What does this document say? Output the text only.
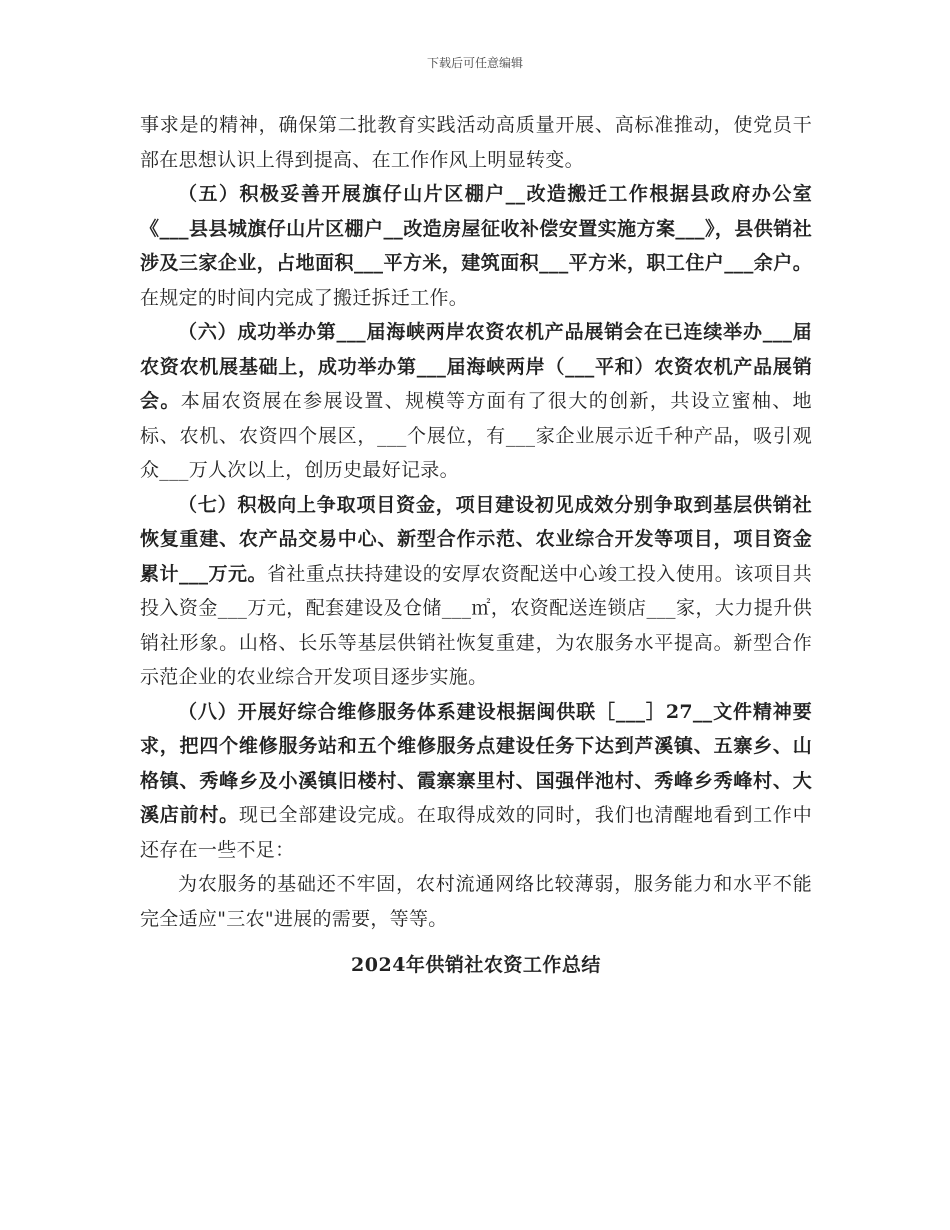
下载后可任意编辑

事求是的精神，确保第二批教育实践活动高质量开展、高标准推动，使党员干部在思想认识上得到提高、在工作作风上明显转变。

（五）积极妥善开展旗仔山片区棚户__改造搬迁工作根据县政府办公室《___县县城旗仔山片区棚户__改造房屋征收补偿安置实施方案___》，县供销社涉及三家企业，占地面积___平方米，建筑面积___平方米，职工住户___余户。在规定的时间内完成了搬迁拆迁工作。

（六）成功举办第___届海峡两岸农资农机产品展销会在已连续举办___届农资农机展基础上，成功举办第___届海峡两岸（___平和）农资农机产品展销会。本届农资展在参展设置、规模等方面有了很大的创新，共设立蜜柚、地标、农机、农资四个展区，___个展位，有___家企业展示近千种产品，吸引观众___万人次以上，创历史最好记录。

（七）积极向上争取项目资金，项目建设初见成效分别争取到基层供销社恢复重建、农产品交易中心、新型合作示范、农业综合开发等项目，项目资金累计___万元。省社重点扶持建设的安厚农资配送中心竣工投入使用。该项目共投入资金___万元，配套建设及仓储___㎡，农资配送连锁店___家，大力提升供销社形象。山格、长乐等基层供销社恢复重建，为农服务水平提高。新型合作示范企业的农业综合开发项目逐步实施。

（八）开展好综合维修服务体系建设根据闽供联［___］27__文件精神要求，把四个维修服务站和五个维修服务点建设任务下达到芦溪镇、五寨乡、山格镇、秀峰乡及小溪镇旧楼村、霞寨寨里村、国强伴池村、秀峰乡秀峰村、大溪店前村。现已全部建设完成。在取得成效的同时，我们也清醒地看到工作中还存在一些不足：

为农服务的基础还不牢固，农村流通网络比较薄弱，服务能力和水平不能完全适应"三农"进展的需要，等等。

2024年供销社农资工作总结
